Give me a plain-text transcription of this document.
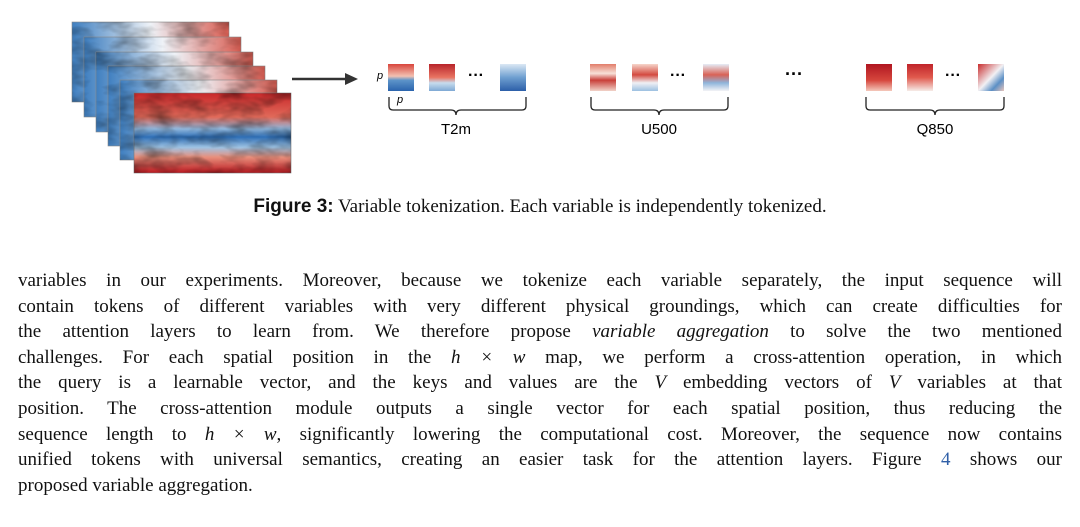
p	···
p
T2m
···
U500
···	···
Q850
Figure 3: Variable tokenization. Each variable is independently tokenized.
variables in our experiments. Moreover, because we tokenize each variable separately, the input sequence will
contain tokens of different variables with very different physical groundings, which can create difficulties for
the attention layers to learn from. We therefore propose variable aggregation to solve the two mentioned
challenges. For each spatial position in the h × w map, we perform a cross-attention operation, in which
the query is a learnable vector, and the keys and values are the V embedding vectors of V variables at that
position. The cross-attention module outputs a single vector for each spatial position, thus reducing the
sequence length to h × w, significantly lowering the computational cost. Moreover, the sequence now contains
unified tokens with universal semantics, creating an easier task for the attention layers. Figure 4 shows our
proposed variable aggregation.
